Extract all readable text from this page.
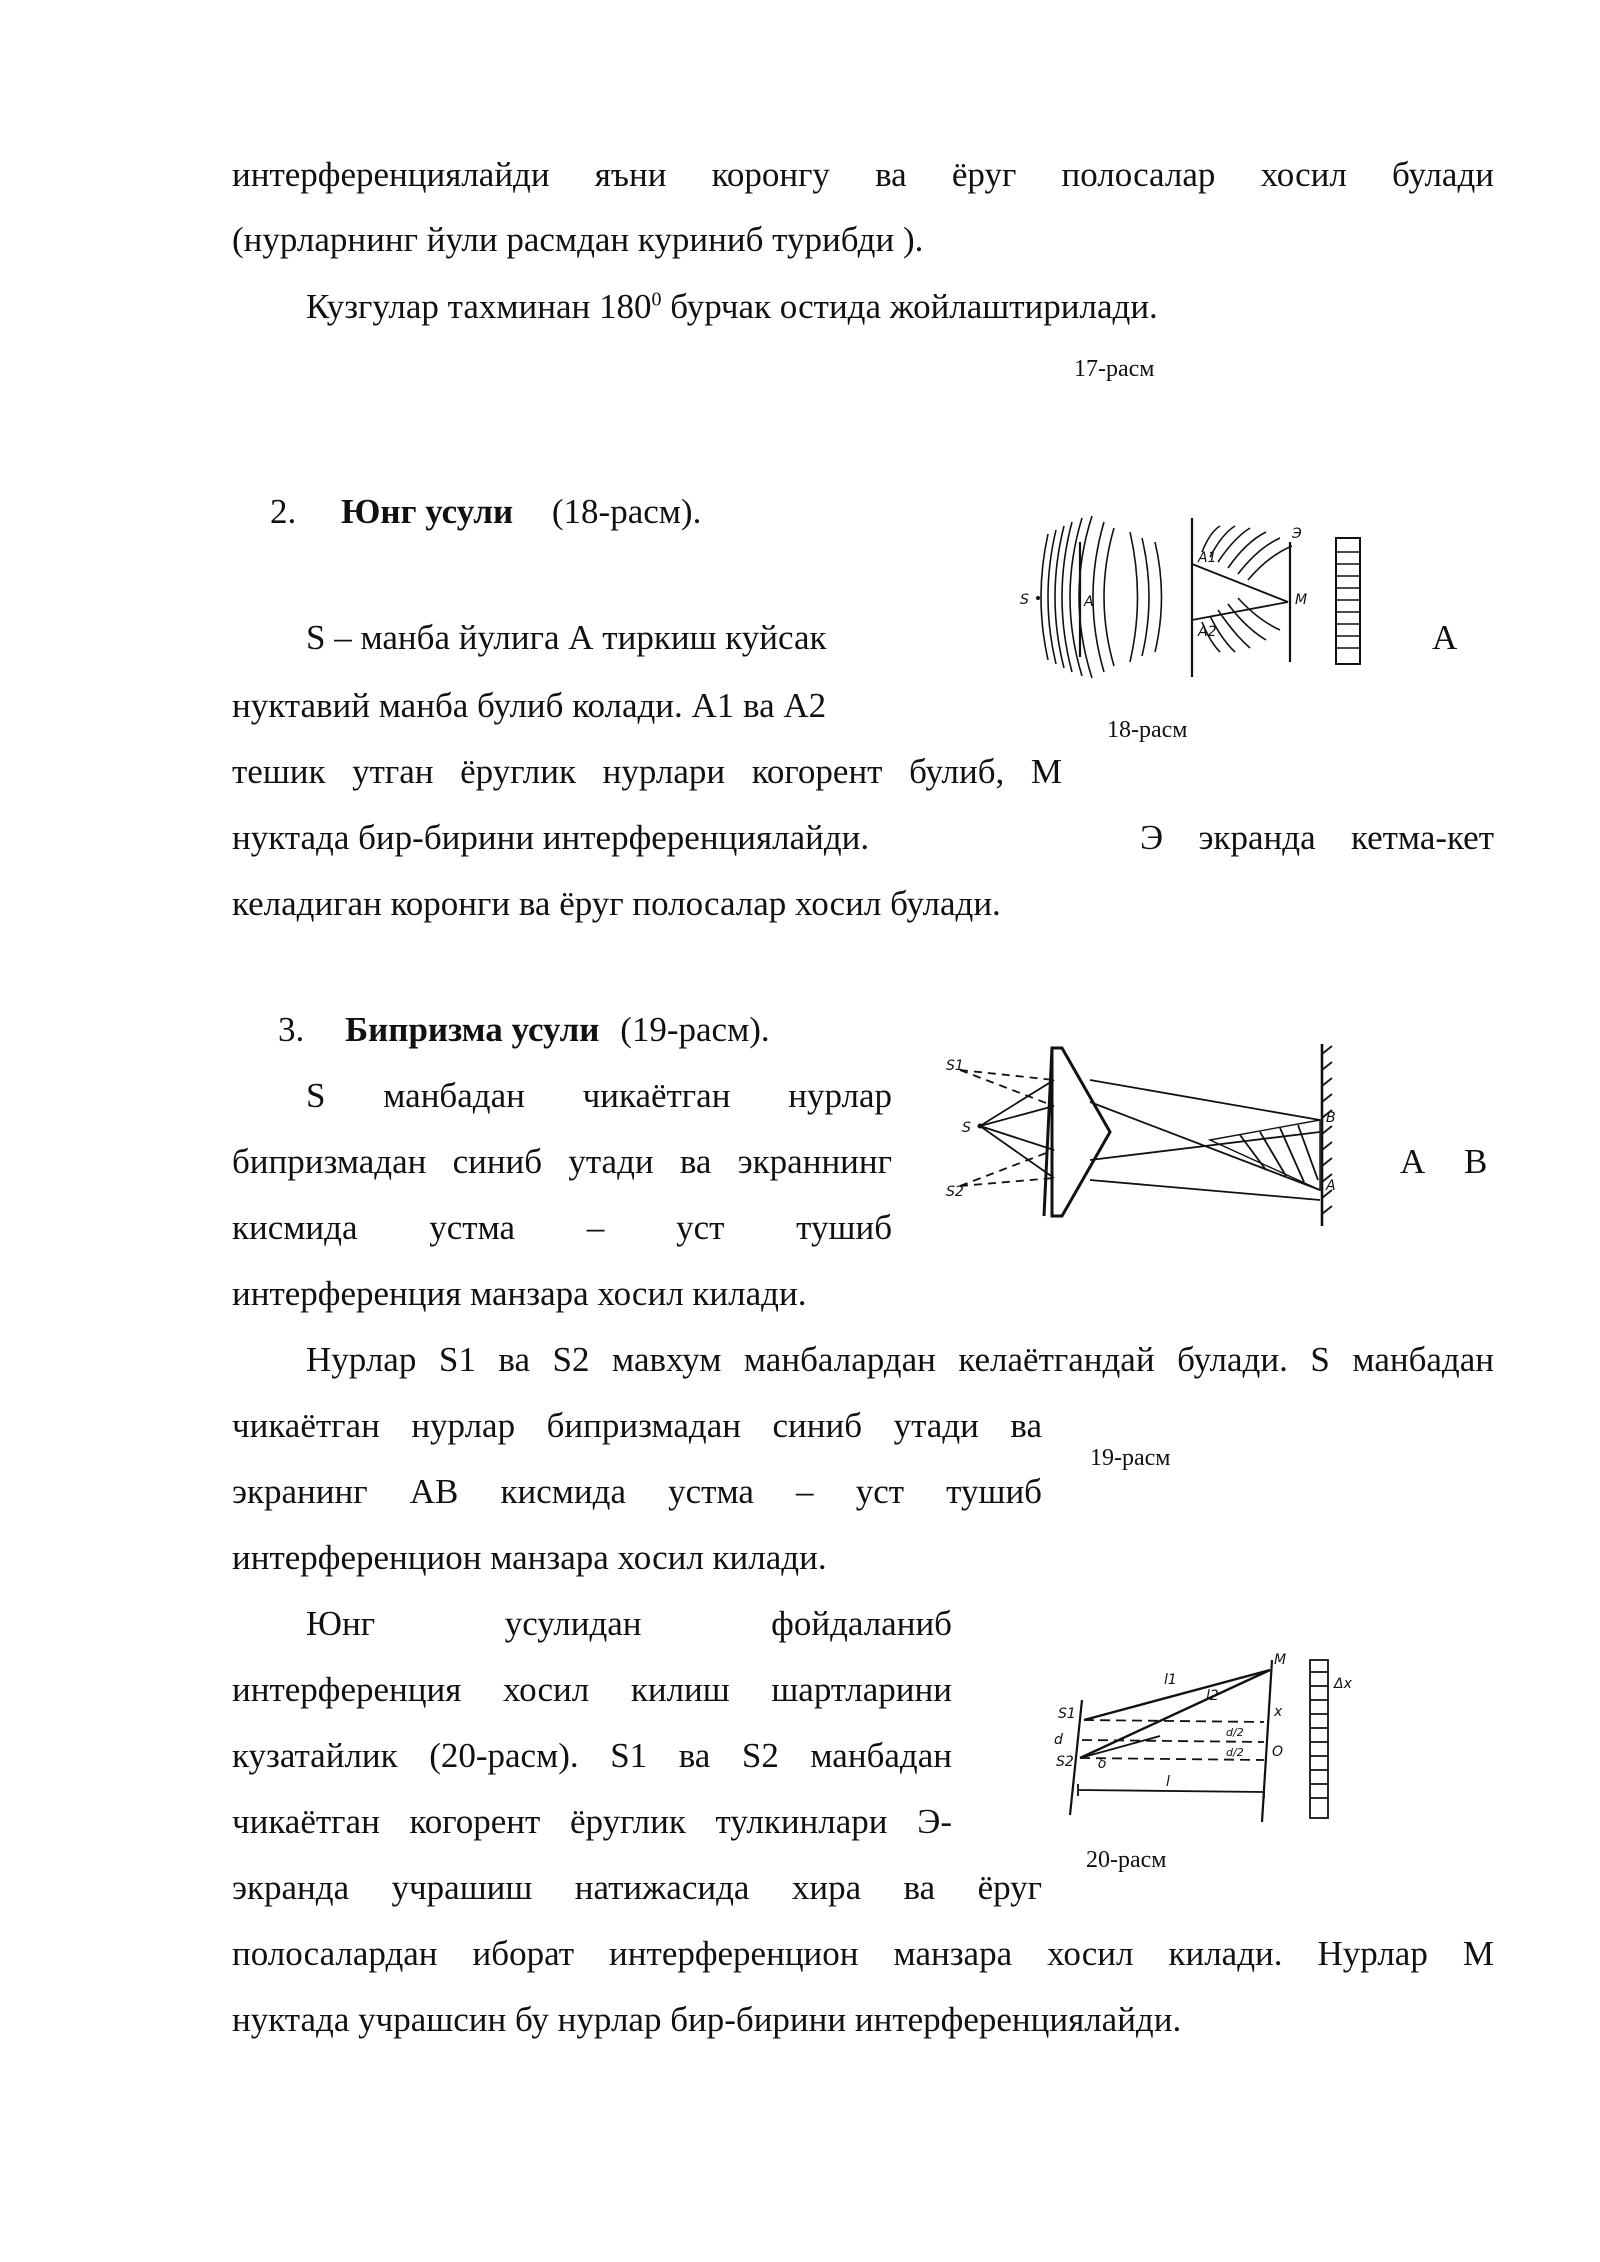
интерференциялайди яъни коронгу ва ёруг полосалар хосил булади
(нурларнинг йули расмдан куриниб турибди ).
Кузгулар тахминан $180^0$ бурчак остида жойлаштирилади.
17-расм
2. Юнг усули (18-расм).
S
A1
A2
M
Э
A
S – манба йулига А тиркиш куйсак	А
нуктавий манба булиб колади. А1 ва А2
18-расм
тешик утган ёруглик нурлари когорент булиб, М
нуктада бир-бирини интерференциялайди.	Э экранда кетма-кет
келадиган коронги ва ёруг полосалар хосил булади.
3. Бипризма усули (19-расм).
S1
S
S2
B
A
S манбадан чикаётган нурлар
бипризмадан синиб утади ва экраннинг	А В
кисмида устма – уст тушиб
интерференция манзара хосил килади.
Нурлар S1 ва S2 мавхум манбалардан келаётгандай булади. S манбадан
чикаётган нурлар бипризмадан синиб утади ва
19-расм
экранинг АВ кисмида устма – уст тушиб
интерференцион манзара хосил килади.
Юнг усулидан фойдаланиб
интерференция хосил килиш шартларини
кузатайлик (20-расм). S1 ва S2 манбадан
чикаётган когорент ёруглик тулкинлари Э-
экранда учрашиш натижасида хира ва ёруг
S1
S2
d
M
l1
l2
x
O
Δx
l
d/2
d/2
δ
20-расм
полосалардан иборат интерференцион манзара хосил килади. Нурлар М
нуктада учрашсин бу нурлар бир-бирини интерференциялайди.
